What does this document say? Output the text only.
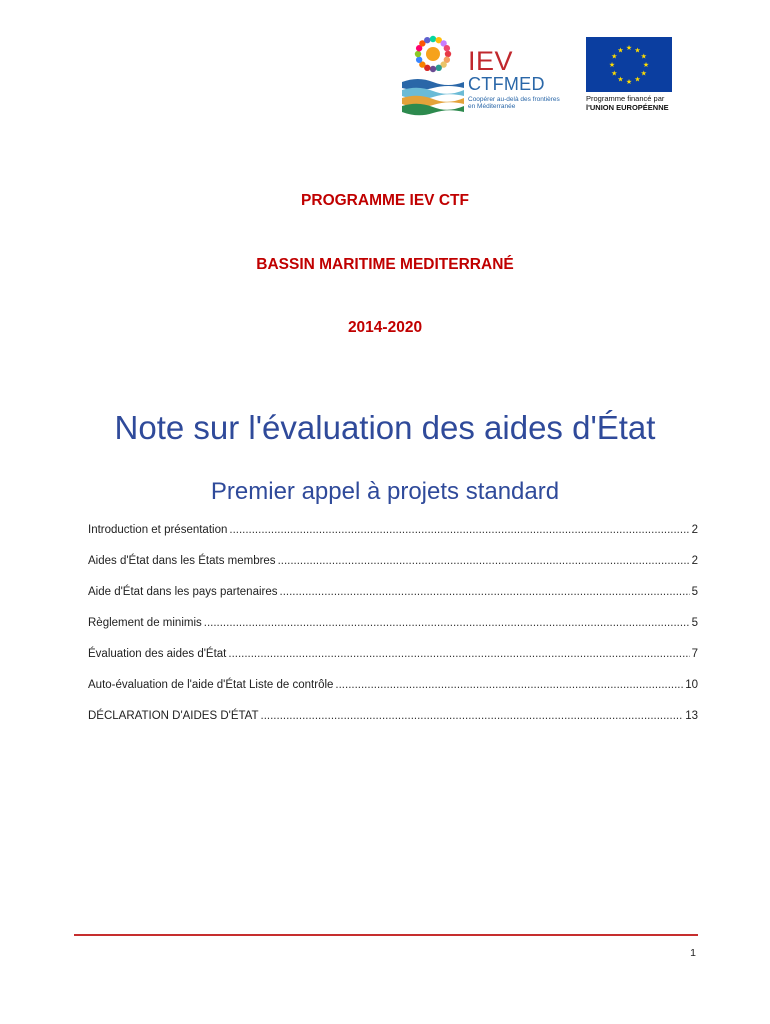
IEV
CTFMED
Coopérer au-delà des frontières en Méditerranée
★
★
★
★
★
★
★
★
★ ★ ★
★
Programme financé par
l'UNION EUROPÉENNE
PROGRAMME IEV CTF
BASSIN MARITIME MEDITERRANÉ
2014-2020
Note sur l'évaluation des aides d'État
Premier appel à projets standard
Introduction et présentation .....	2
Aides d'État dans les États membres .....	2
Aide d'État dans les pays partenaires .....	5
Règlement de minimis .....	5
Évaluation des aides d'État .....	7
Auto-évaluation de l'aide d'État Liste de contrôle .....	10
DÉCLARATION D'AIDES D'ÉTAT .....	13
1
